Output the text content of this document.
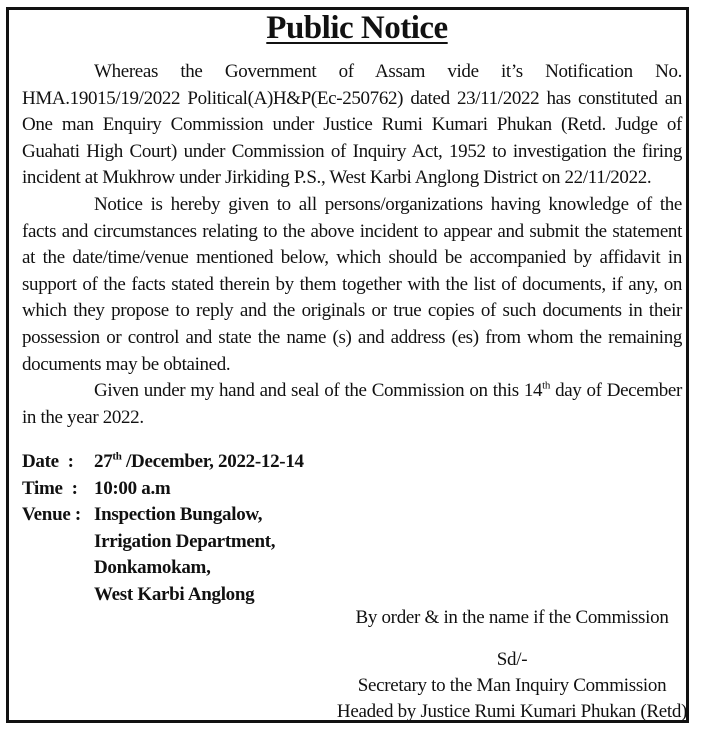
Public Notice

Whereas the Government of Assam vide it’s Notification No. HMA.19015/19/2022 Political(A)H&P(Ec-250762) dated 23/11/2022 has constituted an One man Enquiry Commission under Justice Rumi Kumari Phukan (Retd. Judge of Guahati High Court) under Commission of Inquiry Act, 1952 to investigation the firing incident at Mukhrow under Jirkiding P.S., West Karbi Anglong District on 22/11/2022.

Notice is hereby given to all persons/organizations having knowledge of the facts and circumstances relating to the above incident to appear and submit the statement at the date/time/venue mentioned below, which should be accompanied by affidavit in support of the facts stated therein by them together with the list of documents, if any, on which they propose to reply and the originals or true copies of such documents in their possession or control and state the name (s) and address (es) from whom the remaining documents may be obtained.

Given under my hand and seal of the Commission on this 14th day of December in the year 2022.

Date  :	27th /December, 2022-12-14
Time  : 10:00 a.m
Venue : Inspection Bungalow,
Irrigation Department,
Donkamokam,
West Karbi Anglong
By order & in the name if the Commission
Sd/-
Secretary to the Man Inquiry Commission
Headed by Justice Rumi Kumari Phukan (Retd)
